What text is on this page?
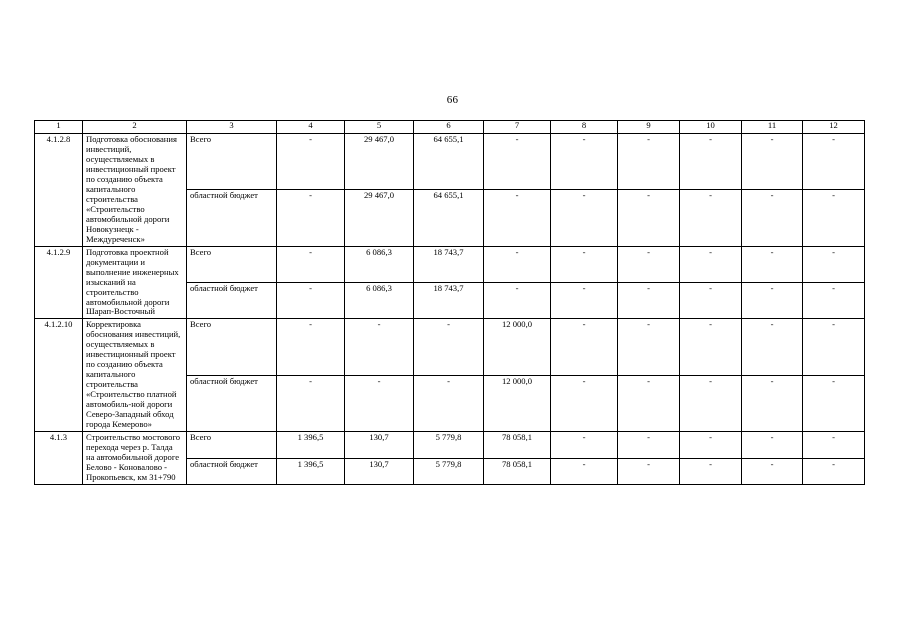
66
1	2	3	4	5	6	7	8	9	10	11	12
4.1.2.8	Подготовка обоснования инвестиций, осуществляемых в инвестиционный проект по созданию объекта капитального строительства «Строительство автомобильной дороги Новокузнецк - Междуреченск»	Всего	-	29 467,0	64 655,1	-	-	-	-	-	-
		областной бюджет	-	29 467,0	64 655,1	-	-	-	-	-	-
4.1.2.9	Подготовка проектной документации и выполнение инженерных изысканий на строительство автомобильной дороги Шарап-Восточный	Всего	-	6 086,3	18 743,7	-	-	-	-	-	-
		областной бюджет	-	6 086,3	18 743,7	-	-	-	-	-	-
4.1.2.10	Корректировка обоснования инвестиций, осуществляемых в инвестиционный проект по созданию объекта капитального строительства «Строительство платной автомобиль-ной дороги Северо-Западный обход города Кемерово»	Всего	-	-	-	12 000,0	-	-	-	-	-
		областной бюджет	-	-	-	12 000,0	-	-	-	-	-
4.1.3	Строительство мостового перехода через р. Талда на автомобильной дороге Белово - Коновалово - Прокопьевск, км 31+790	Всего	1 396,5	130,7	5 779,8	78 058,1	-	-	-	-	-
		областной бюджет	1 396,5	130,7	5 779,8	78 058,1	-	-	-	-	-
